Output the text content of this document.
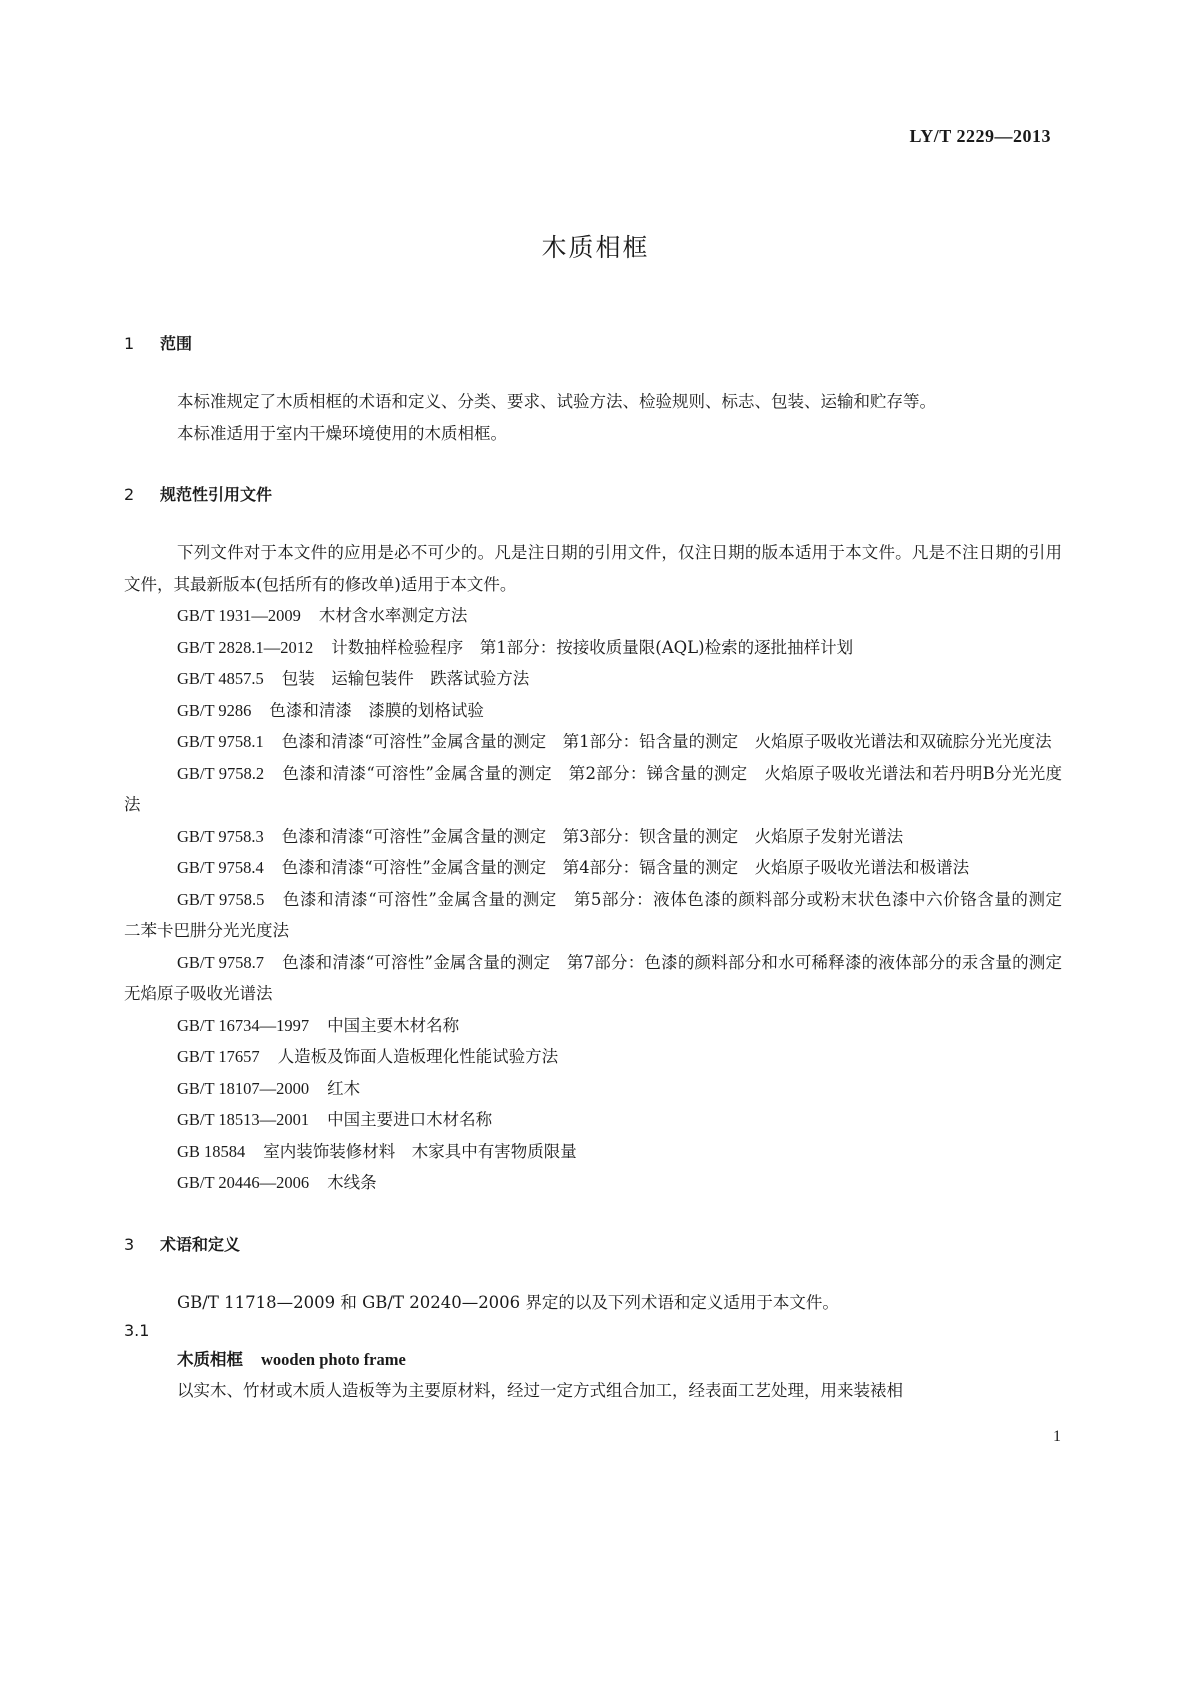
LY/T 2229—2013
木质相框
1 范围
本标准规定了木质相框的术语和定义、分类、要求、试验方法、检验规则、标志、包装、运输和贮存等。
本标准适用于室内干燥环境使用的木质相框。
2 规范性引用文件
下列文件对于本文件的应用是必不可少的。凡是注日期的引用文件，仅注日期的版本适用于本文件。凡是不注日期的引用文件，其最新版本(包括所有的修改单)适用于本文件。
GB/T 1931—2009 木材含水率测定方法
GB/T 2828.1—2012 计数抽样检验程序　第1部分：按接收质量限(AQL)检索的逐批抽样计划
GB/T 4857.5 包装　运输包装件　跌落试验方法
GB/T 9286 色漆和清漆　漆膜的划格试验
GB/T 9758.1 色漆和清漆“可溶性”金属含量的测定　第1部分：铅含量的测定　火焰原子吸收光谱法和双硫腙分光光度法
GB/T 9758.2 色漆和清漆“可溶性”金属含量的测定　第2部分：锑含量的测定　火焰原子吸收光谱法和若丹明B分光光度法
GB/T 9758.3 色漆和清漆“可溶性”金属含量的测定　第3部分：钡含量的测定　火焰原子发射光谱法
GB/T 9758.4 色漆和清漆“可溶性”金属含量的测定　第4部分：镉含量的测定　火焰原子吸收光谱法和极谱法
GB/T 9758.5 色漆和清漆“可溶性”金属含量的测定　第5部分：液体色漆的颜料部分或粉末状色漆中六价铬含量的测定　二苯卡巴肼分光光度法
GB/T 9758.7 色漆和清漆“可溶性”金属含量的测定　第7部分：色漆的颜料部分和水可稀释漆的液体部分的汞含量的测定　无焰原子吸收光谱法
GB/T 16734—1997 中国主要木材名称
GB/T 17657 人造板及饰面人造板理化性能试验方法
GB/T 18107—2000 红木
GB/T 18513—2001 中国主要进口木材名称
GB 18584 室内装饰装修材料　木家具中有害物质限量
GB/T 20446—2006 木线条
3 术语和定义
GB/T 11718—2009 和 GB/T 20240—2006 界定的以及下列术语和定义适用于本文件。
3.1
木质相框 wooden photo frame
以实木、竹材或木质人造板等为主要原材料，经过一定方式组合加工，经表面工艺处理，用来装裱相
1
